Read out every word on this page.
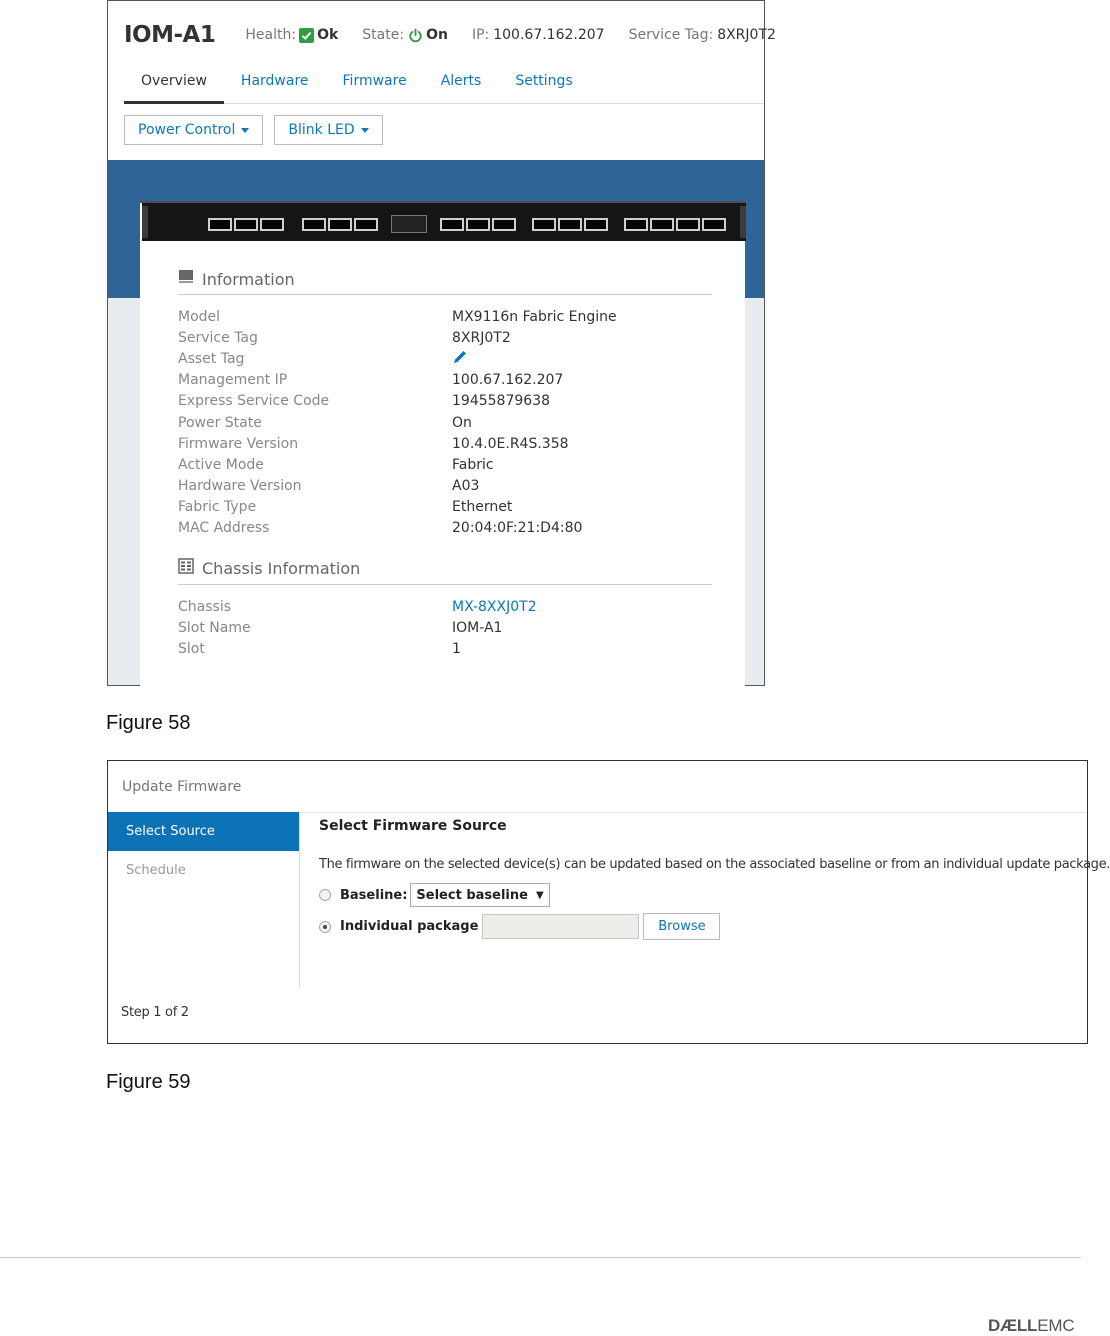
IOM-A1 Health: Ok State: On IP: 100.67.162.207 Service Tag: 8XRJ0T2
Overview	Hardware	Firmware	Alerts	Settings
Power Control	Blink LED
Information
Model	MX9116n Fabric Engine
Service Tag	8XRJ0T2
Asset Tag
Management IP	100.67.162.207
Express Service Code	19455879638
Power State	On
Firmware Version	10.4.0E.R4S.358
Active Mode	Fabric
Hardware Version	A03
Fabric Type	Ethernet
MAC Address	20:04:0F:21:D4:80
Chassis Information
Chassis	MX-8XXJ0T2
Slot Name	IOM-A1
Slot	1
Figure 58
Update Firmware
Select Source
Schedule
Select Firmware Source
The firmware on the selected device(s) can be updated based on the associated baseline or from an individual update package.
Baseline: Select baseline ▼
Individual package	Browse
Step 1 of 2
Figure 59
DÆLLEMC
